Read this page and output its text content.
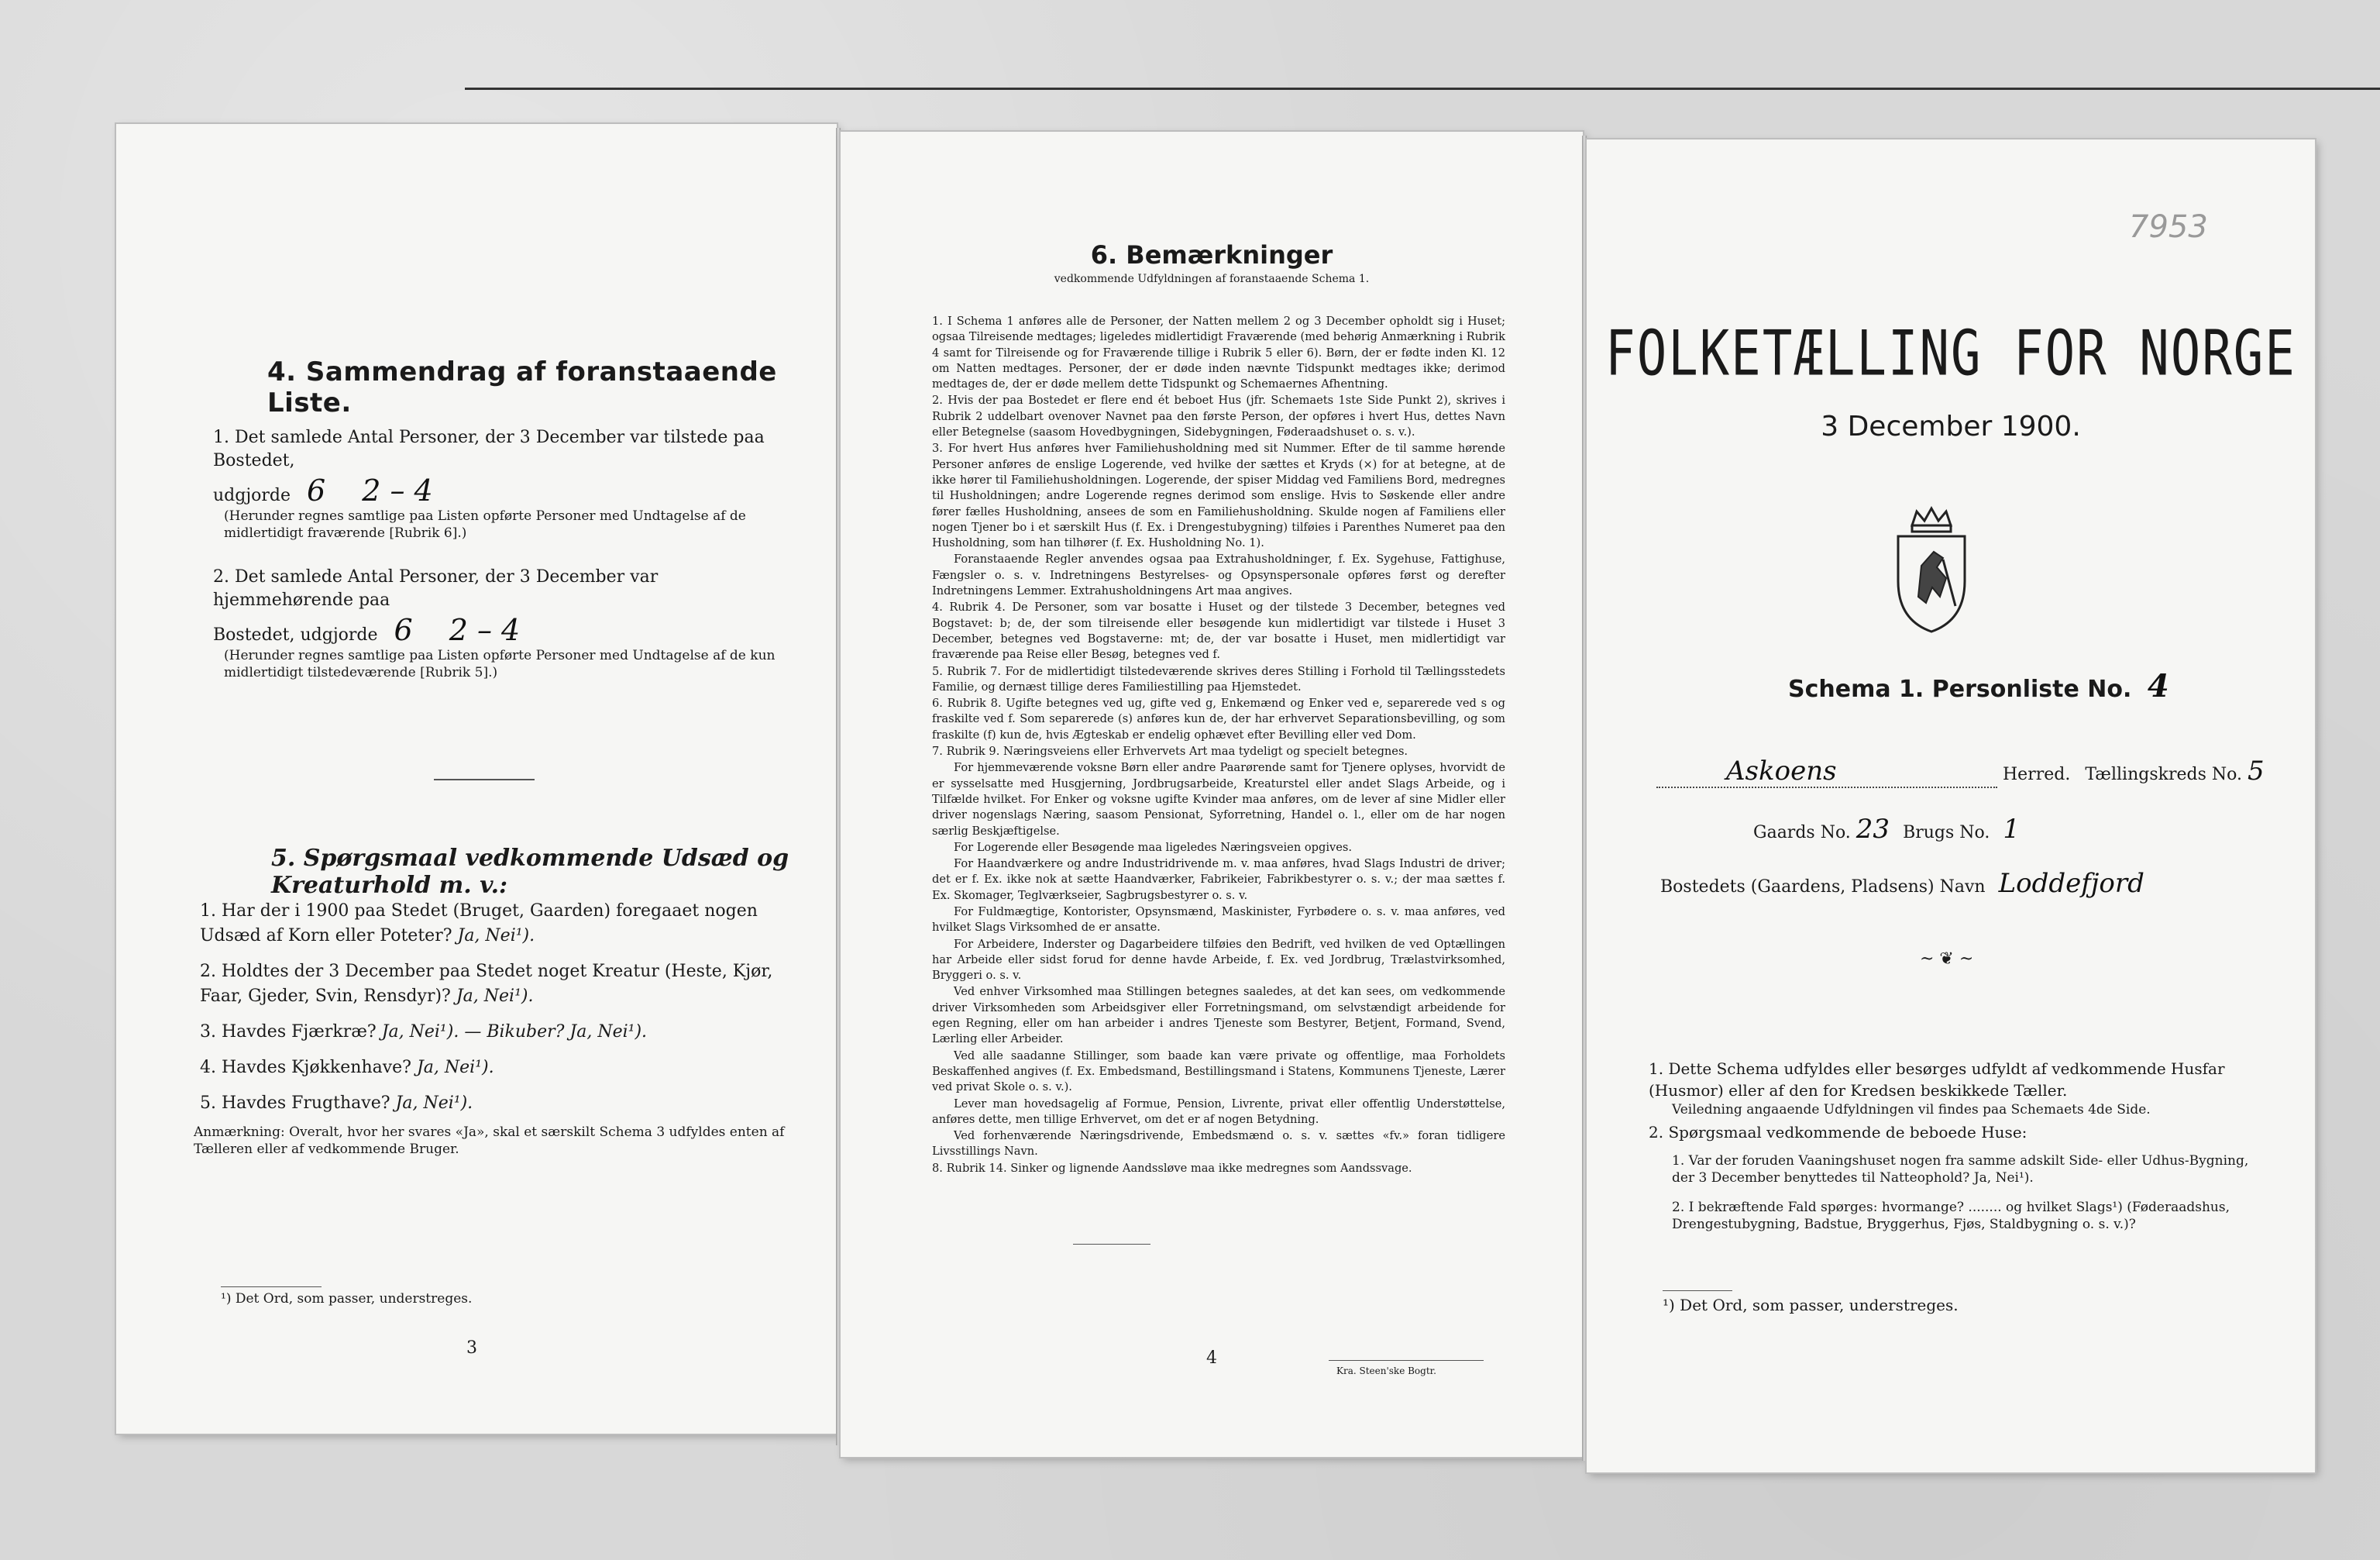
4. Sammendrag af foranstaaende Liste.
1. Det samlede Antal Personer, der 3 December var tilstede paa Bostedet,
udgjorde 6 2 – 4
(Herunder regnes samtlige paa Listen opførte Personer med Undtagelse af de midlertidigt fraværende [Rubrik 6].)
2. Det samlede Antal Personer, der 3 December var hjemmehørende paa
Bostedet, udgjorde 6 2 – 4
(Herunder regnes samtlige paa Listen opførte Personer med Undtagelse af de kun midlertidigt tilstedeværende [Rubrik 5].)
5. Spørgsmaal vedkommende Udsæd og Kreaturhold m. v.:
1. Har der i 1900 paa Stedet (Bruget, Gaarden) foregaaet nogen Udsæd af Korn eller Poteter? Ja, Nei¹).
2. Holdtes der 3 December paa Stedet noget Kreatur (Heste, Kjør, Faar, Gjeder, Svin, Rensdyr)? Ja, Nei¹).
3. Havdes Fjærkræ? Ja, Nei¹). — Bikuber? Ja, Nei¹).
4. Havdes Kjøkkenhave? Ja, Nei¹).
5. Havdes Frugthave? Ja, Nei¹).
Anmærkning: Overalt, hvor her svares «Ja», skal et særskilt Schema 3 udfyldes enten af Tælleren eller af vedkommende Bruger.
¹) Det Ord, som passer, understreges.
3
6. Bemærkninger
vedkommende Udfyldningen af foranstaaende Schema 1.

1. I Schema 1 anføres alle de Personer, der Natten mellem 2 og 3 December opholdt sig i Huset; ogsaa Tilreisende medtages; ligeledes midlertidigt Fraværende (med behørig Anmærkning i Rubrik 4 samt for Tilreisende og for Fraværende tillige i Rubrik 5 eller 6). Børn, der er fødte inden Kl. 12 om Natten medtages. Personer, der er døde inden nævnte Tidspunkt medtages ikke; derimod medtages de, der er døde mellem dette Tidspunkt og Schemaernes Afhentning.

2. Hvis der paa Bostedet er flere end ét beboet Hus (jfr. Schemaets 1ste Side Punkt 2), skrives i Rubrik 2 uddelbart ovenover Navnet paa den første Person, der opføres i hvert Hus, dettes Navn eller Betegnelse (saasom Hovedbygningen, Sidebygningen, Føderaadshuset o. s. v.).

3. For hvert Hus anføres hver Familiehusholdning med sit Nummer. Efter de til samme hørende Personer anføres de enslige Logerende, ved hvilke der sættes et Kryds (×) for at betegne, at de ikke hører til Familiehusholdningen. Logerende, der spiser Middag ved Familiens Bord, medregnes til Husholdningen; andre Logerende regnes derimod som enslige. Hvis to Søskende eller andre fører fælles Husholdning, ansees de som en Familiehusholdning. Skulde nogen af Familiens eller nogen Tjener bo i et særskilt Hus (f. Ex. i Drengestubygning) tilføies i Parenthes Numeret paa den Husholdning, som han tilhører (f. Ex. Husholdning No. 1).

Foranstaaende Regler anvendes ogsaa paa Extrahusholdninger, f. Ex. Sygehuse, Fattighuse, Fængsler o. s. v. Indretningens Bestyrelses- og Opsynspersonale opføres først og derefter Indretningens Lemmer. Extrahusholdningens Art maa angives.

4. Rubrik 4. De Personer, som var bosatte i Huset og der tilstede 3 December, betegnes ved Bogstavet: b; de, der som tilreisende eller besøgende kun midlertidigt var tilstede i Huset 3 December, betegnes ved Bogstaverne: mt; de, der var bosatte i Huset, men midlertidigt var fraværende paa Reise eller Besøg, betegnes ved f.

5. Rubrik 7. For de midlertidigt tilstedeværende skrives deres Stilling i Forhold til Tællingsstedets Familie, og dernæst tillige deres Familiestilling paa Hjemstedet.

6. Rubrik 8. Ugifte betegnes ved ug, gifte ved g, Enkemænd og Enker ved e, separerede ved s og fraskilte ved f. Som separerede (s) anføres kun de, der har erhvervet Separationsbevilling, og som fraskilte (f) kun de, hvis Ægteskab er endelig ophævet efter Bevilling eller ved Dom.

7. Rubrik 9. Næringsveiens eller Erhvervets Art maa tydeligt og specielt betegnes.

For hjemmeværende voksne Børn eller andre Paarørende samt for Tjenere oplyses, hvorvidt de er sysselsatte med Husgjerning, Jordbrugsarbeide, Kreaturstel eller andet Slags Arbeide, og i Tilfælde hvilket. For Enker og voksne ugifte Kvinder maa anføres, om de lever af sine Midler eller driver nogenslags Næring, saasom Pensionat, Syforretning, Handel o. l., eller om de har nogen særlig Beskjæftigelse.

For Logerende eller Besøgende maa ligeledes Næringsveien opgives.

For Haandværkere og andre Industridrivende m. v. maa anføres, hvad Slags Industri de driver; det er f. Ex. ikke nok at sætte Haandværker, Fabrikeier, Fabrikbestyrer o. s. v.; der maa sættes f. Ex. Skomager, Teglværkseier, Sagbrugsbestyrer o. s. v.

For Fuldmægtige, Kontorister, Opsynsmænd, Maskinister, Fyrbødere o. s. v. maa anføres, ved hvilket Slags Virksomhed de er ansatte.

For Arbeidere, Inderster og Dagarbeidere tilføies den Bedrift, ved hvilken de ved Optællingen har Arbeide eller sidst forud for denne havde Arbeide, f. Ex. ved Jordbrug, Trælastvirksomhed, Bryggeri o. s. v.

Ved enhver Virksomhed maa Stillingen betegnes saaledes, at det kan sees, om vedkommende driver Virksomheden som Arbeidsgiver eller Forretningsmand, om selvstændigt arbeidende for egen Regning, eller om han arbeider i andres Tjeneste som Bestyrer, Betjent, Formand, Svend, Lærling eller Arbeider.

Ved alle saadanne Stillinger, som baade kan være private og offentlige, maa Forholdets Beskaffenhed angives (f. Ex. Embedsmand, Bestillingsmand i Statens, Kommunens Tjeneste, Lærer ved privat Skole o. s. v.).

Lever man hovedsagelig af Formue, Pension, Livrente, privat eller offentlig Understøttelse, anføres dette, men tillige Erhvervet, om det er af nogen Betydning.

Ved forhenværende Næringsdrivende, Embedsmænd o. s. v. sættes «fv.» foran tidligere Livsstillings Navn.

8. Rubrik 14. Sinker og lignende Aandssløve maa ikke medregnes som Aandssvage.

4
Kra. Steen'ske Bogtr.
7953
FOLKETÆLLING FOR NORGE
3 December 1900.
Schema 1. Personliste No. 4
Askoens	Herred. Tællingskreds No. 5
Gaards No. 23 Brugs No. 1
Bostedets (Gaardens, Pladsens) Navn Loddefjord
~ ❦ ~
1. Dette Schema udfyldes eller besørges udfyldt af vedkommende Husfar (Husmor) eller af den for Kredsen beskikkede Tæller.
Veiledning angaaende Udfyldningen vil findes paa Schemaets 4de Side.
2. Spørgsmaal vedkommende de beboede Huse:
1. Var der foruden Vaaningshuset nogen fra samme adskilt Side- eller Udhus-Bygning, der 3 December benyttedes til Natteophold? Ja, Nei¹).
2. I bekræftende Fald spørges: hvormange? ........ og hvilket Slags¹) (Føderaadshus, Drengestubygning, Badstue, Bryggerhus, Fjøs, Staldbygning o. s. v.)?
¹) Det Ord, som passer, understreges.
